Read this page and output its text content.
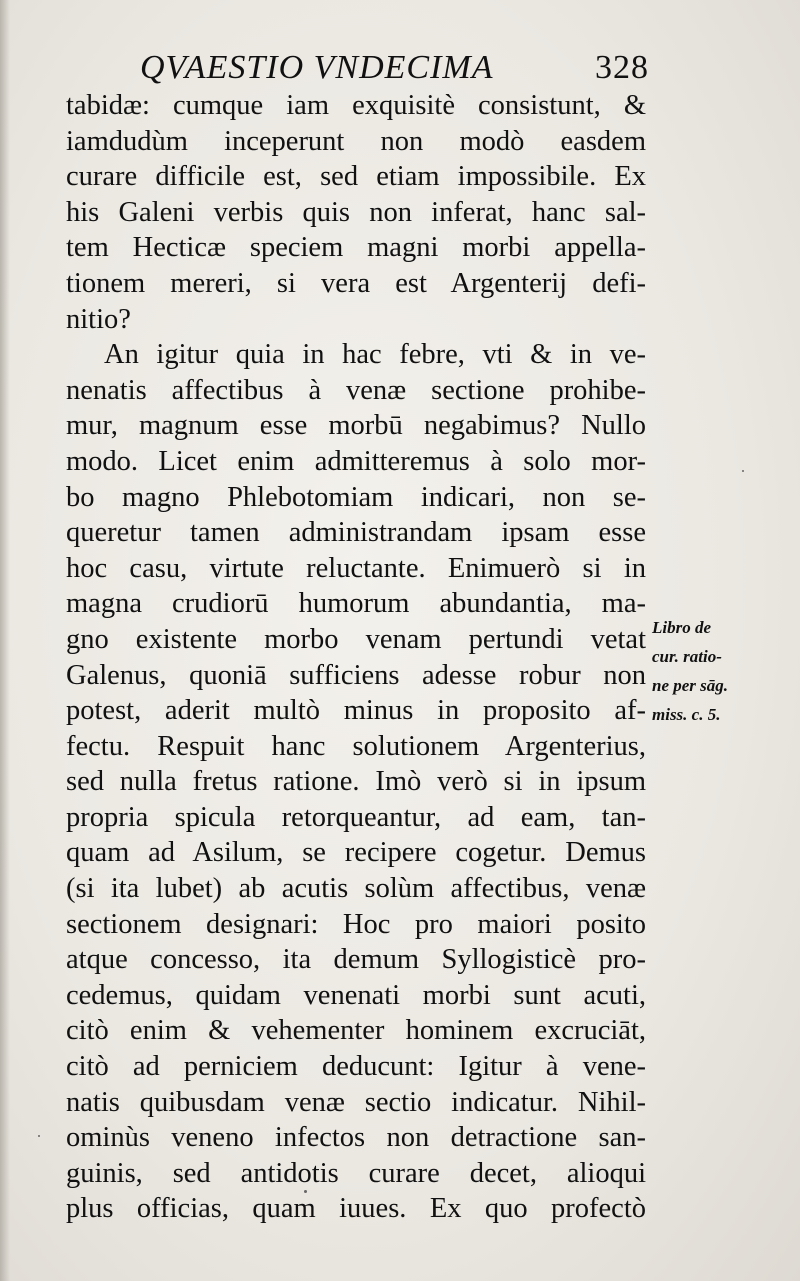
QVAESTIO VNDECIMA	328
tabidæ: cumque iam exquisitè consistunt, &
iamdudùm inceperunt non modò easdem
curare difficile est, sed etiam impossibile. Ex
his Galeni verbis quis non inferat, hanc sal-
tem Hecticæ speciem magni morbi appella-
tionem mereri, si vera est Argenterij defi-
nitio?
An igitur quia in hac febre, vti & in ve-
nenatis affectibus à venæ sectione prohibe-
mur, magnum esse morbū negabimus? Nullo
modo. Licet enim admitteremus à solo mor-
bo magno Phlebotomiam indicari, non se-
queretur tamen administrandam ipsam esse
hoc casu, virtute reluctante. Enimuerò si in
magna crudiorū humorum abundantia, ma-
gno existente morbo venam pertundi vetat
Galenus, quoniā sufficiens adesse robur non
potest, aderit multò minus in proposito af-
fectu. Respuit hanc solutionem Argenterius,
sed nulla fretus ratione. Imò verò si in ipsum
propria spicula retorqueantur, ad eam, tan-
quam ad Asilum, se recipere cogetur. Demus
(si ita lubet) ab acutis solùm affectibus, venæ
sectionem designari: Hoc pro maiori posito
atque concesso, ita demum Syllogisticè pro-
cedemus, quidam venenati morbi sunt acuti,
citò enim & vehementer hominem excruciāt,
citò ad perniciem deducunt: Igitur à vene-
natis quibusdam venæ sectio indicatur. Nihil-
ominùs veneno infectos non detractione san-
guinis, sed antidotis curare decet, alioqui
plus officias, quam iuues. Ex quo profectò
Libro de
cur. ratio-
ne per sāg.
miss. c. 5.
